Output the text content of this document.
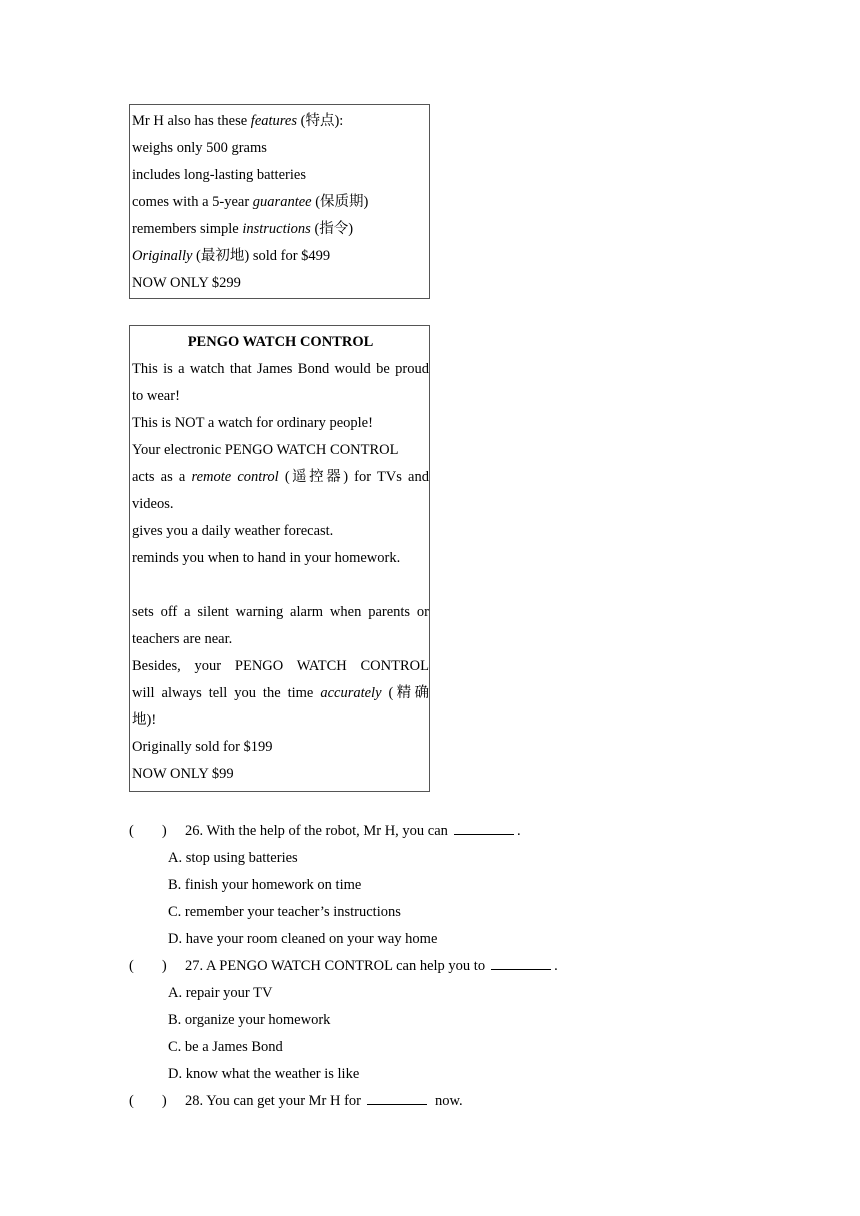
Mr H also has these features (特点):
weighs only 500 grams
includes long-lasting batteries
comes with a 5-year guarantee (保质期)
remembers simple instructions (指令)
Originally (最初地) sold for $499
NOW ONLY $299
PENGO WATCH CONTROL
This is a watch that James Bond would be proud
to wear!
This is NOT a watch for ordinary people!
Your electronic PENGO WATCH CONTROL
acts as a remote control (遥控器) for TVs and
videos.
gives you a daily weather forecast.
reminds you when to hand in your homework.
sets off a silent warning alarm when parents or
teachers are near.
Besides, your PENGO WATCH CONTROL
will always tell you the time accurately (精确
地)!
Originally sold for $199
NOW ONLY $99
( ) 26. With the help of the robot, Mr H, you can	.
A. stop using batteries
B. finish your homework on time
C. remember your teacher’s instructions
D. have your room cleaned on your way home
( ) 27. A PENGO WATCH CONTROL can help you to	.
A. repair your TV
B. organize your homework
C. be a James Bond
D. know what the weather is like
( ) 28. You can get your Mr H for	now.
